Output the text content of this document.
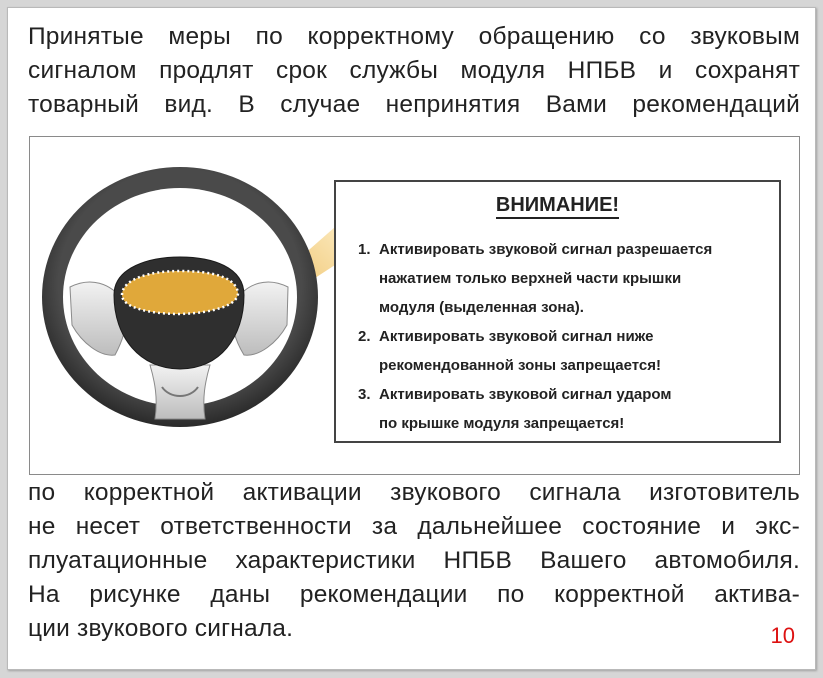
Принятые меры по корректному обращению со звуковым
сигналом продлят срок службы модуля НПБВ и сохранят
товарный вид. В случае непринятия Вами рекомендаций

ВНИМАНИЕ!
1. Активировать звуковой сигнал разрешается
нажатием только верхней части крышки
модуля (выделенная зона).
2. Активировать звуковой сигнал ниже
рекомендованной зоны запрещается!
3. Активировать звуковой сигнал ударом
по крышке модуля запрещается!

по корректной активации звукового сигнала изготовитель
не несет ответственности за дальнейшее состояние и экс-
плуатационные характеристики НПБВ Вашего автомобиля.
На рисунке даны рекомендации по корректной активa-
ции звукового сигнала.	10
